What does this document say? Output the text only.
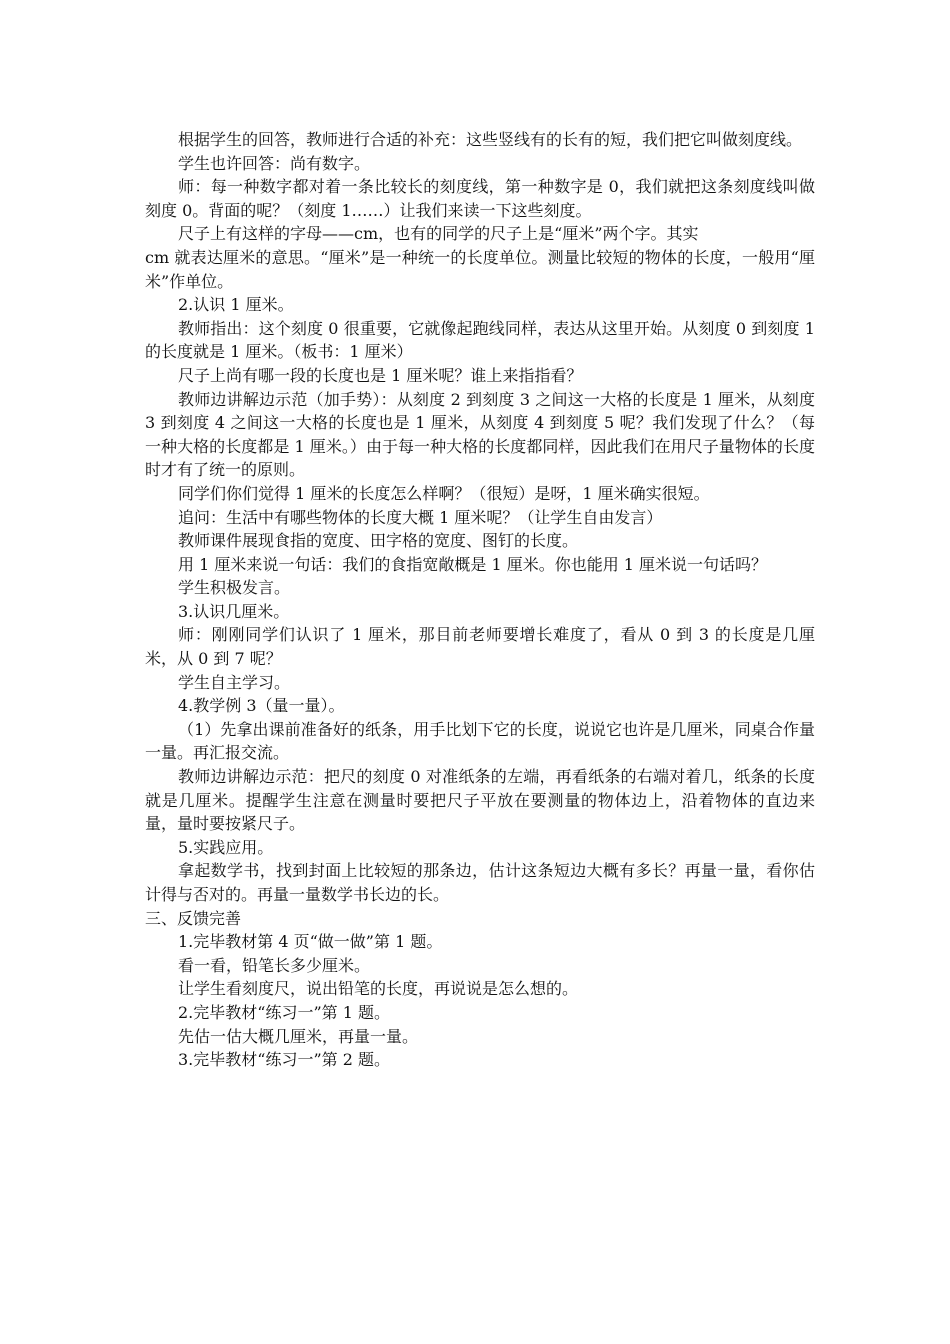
根据学生的回答，教师进行合适的补充：这些竖线有的长有的短，我们把它叫做刻度线。

学生也许回答：尚有数字。

师：每一种数字都对着一条比较长的刻度线，第一种数字是 0，我们就把这条刻度线叫做刻度 0。背面的呢？（刻度 1……）让我们来读一下这些刻度。

尺子上有这样的字母——cm，也有的同学的尺子上是“厘米”两个字。其实

cm 就表达厘米的意思。“厘米”是一种统一的长度单位。测量比较短的物体的长度，一般用“厘米”作单位。

2.认识 1 厘米。

教师指出：这个刻度 0 很重要，它就像起跑线同样，表达从这里开始。从刻度 0 到刻度 1 的长度就是 1 厘米。（板书：1 厘米）

尺子上尚有哪一段的长度也是 1 厘米呢？谁上来指指看？

教师边讲解边示范（加手势）：从刻度 2 到刻度 3 之间这一大格的长度是 1 厘米，从刻度 3 到刻度 4 之间这一大格的长度也是 1 厘米，从刻度 4 到刻度 5 呢？我们发现了什么？（每一种大格的长度都是 1 厘米。）由于每一种大格的长度都同样，因此我们在用尺子量物体的长度时才有了统一的原则。

同学们你们觉得 1 厘米的长度怎么样啊？（很短）是呀，1 厘米确实很短。

追问：生活中有哪些物体的长度大概 1 厘米呢？（让学生自由发言）

教师课件展现食指的宽度、田字格的宽度、图钉的长度。

用 1 厘米来说一句话：我们的食指宽敞概是 1 厘米。你也能用 1 厘米说一句话吗？

学生积极发言。

3.认识几厘米。

师：刚刚同学们认识了 1 厘米，那目前老师要增长难度了，看从 0 到 3 的长度是几厘米，从 0 到 7 呢？

学生自主学习。

4.教学例 3（量一量）。

（1）先拿出课前准备好的纸条，用手比划下它的长度，说说它也许是几厘米，同桌合作量一量。再汇报交流。

教师边讲解边示范：把尺的刻度 0 对准纸条的左端，再看纸条的右端对着几，纸条的长度就是几厘米。提醒学生注意在测量时要把尺子平放在要测量的物体边上，沿着物体的直边来量，量时要按紧尺子。

5.实践应用。

拿起数学书，找到封面上比较短的那条边，估计这条短边大概有多长？再量一量，看你估计得与否对的。再量一量数学书长边的长。

三、反馈完善

1.完毕教材第 4 页“做一做”第 1 题。

看一看，铅笔长多少厘米。

让学生看刻度尺，说出铅笔的长度，再说说是怎么想的。

2.完毕教材“练习一”第 1 题。

先估一估大概几厘米，再量一量。

3.完毕教材“练习一”第 2 题。
